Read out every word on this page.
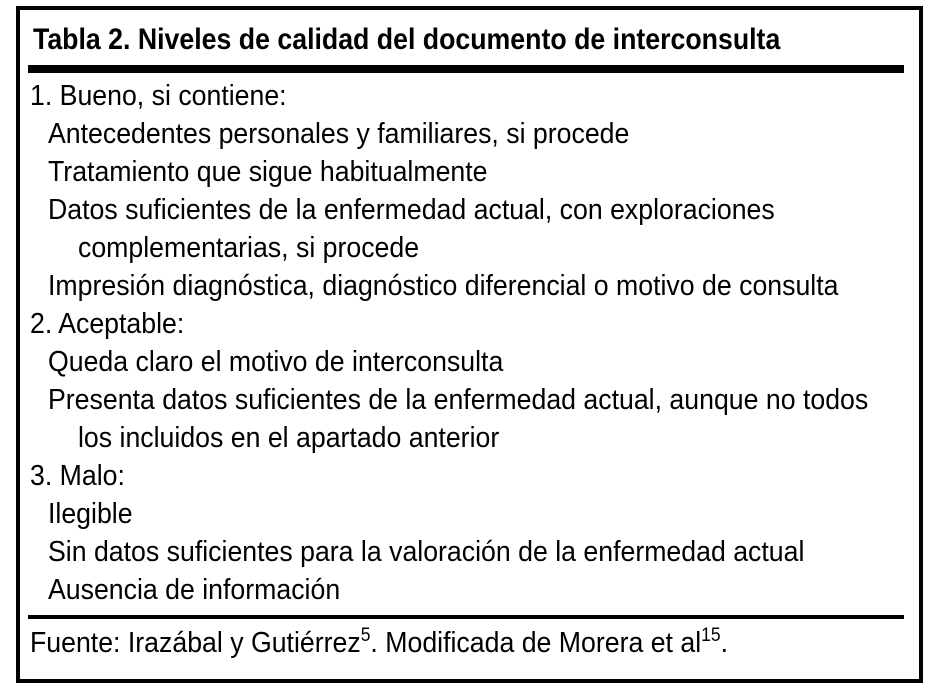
Tabla 2. Niveles de calidad del documento de interconsulta
1. Bueno, si contiene:
Antecedentes personales y familiares, si procede
Tratamiento que sigue habitualmente
Datos suficientes de la enfermedad actual, con exploraciones
complementarias, si procede
Impresión diagnóstica, diagnóstico diferencial o motivo de consulta
2. Aceptable:
Queda claro el motivo de interconsulta
Presenta datos suficientes de la enfermedad actual, aunque no todos
los incluidos en el apartado anterior
3. Malo:
Ilegible
Sin datos suficientes para la valoración de la enfermedad actual
Ausencia de información
Fuente: Irazábal y Gutiérrez$^5$. Modificada de Morera et $al^{15}$.
